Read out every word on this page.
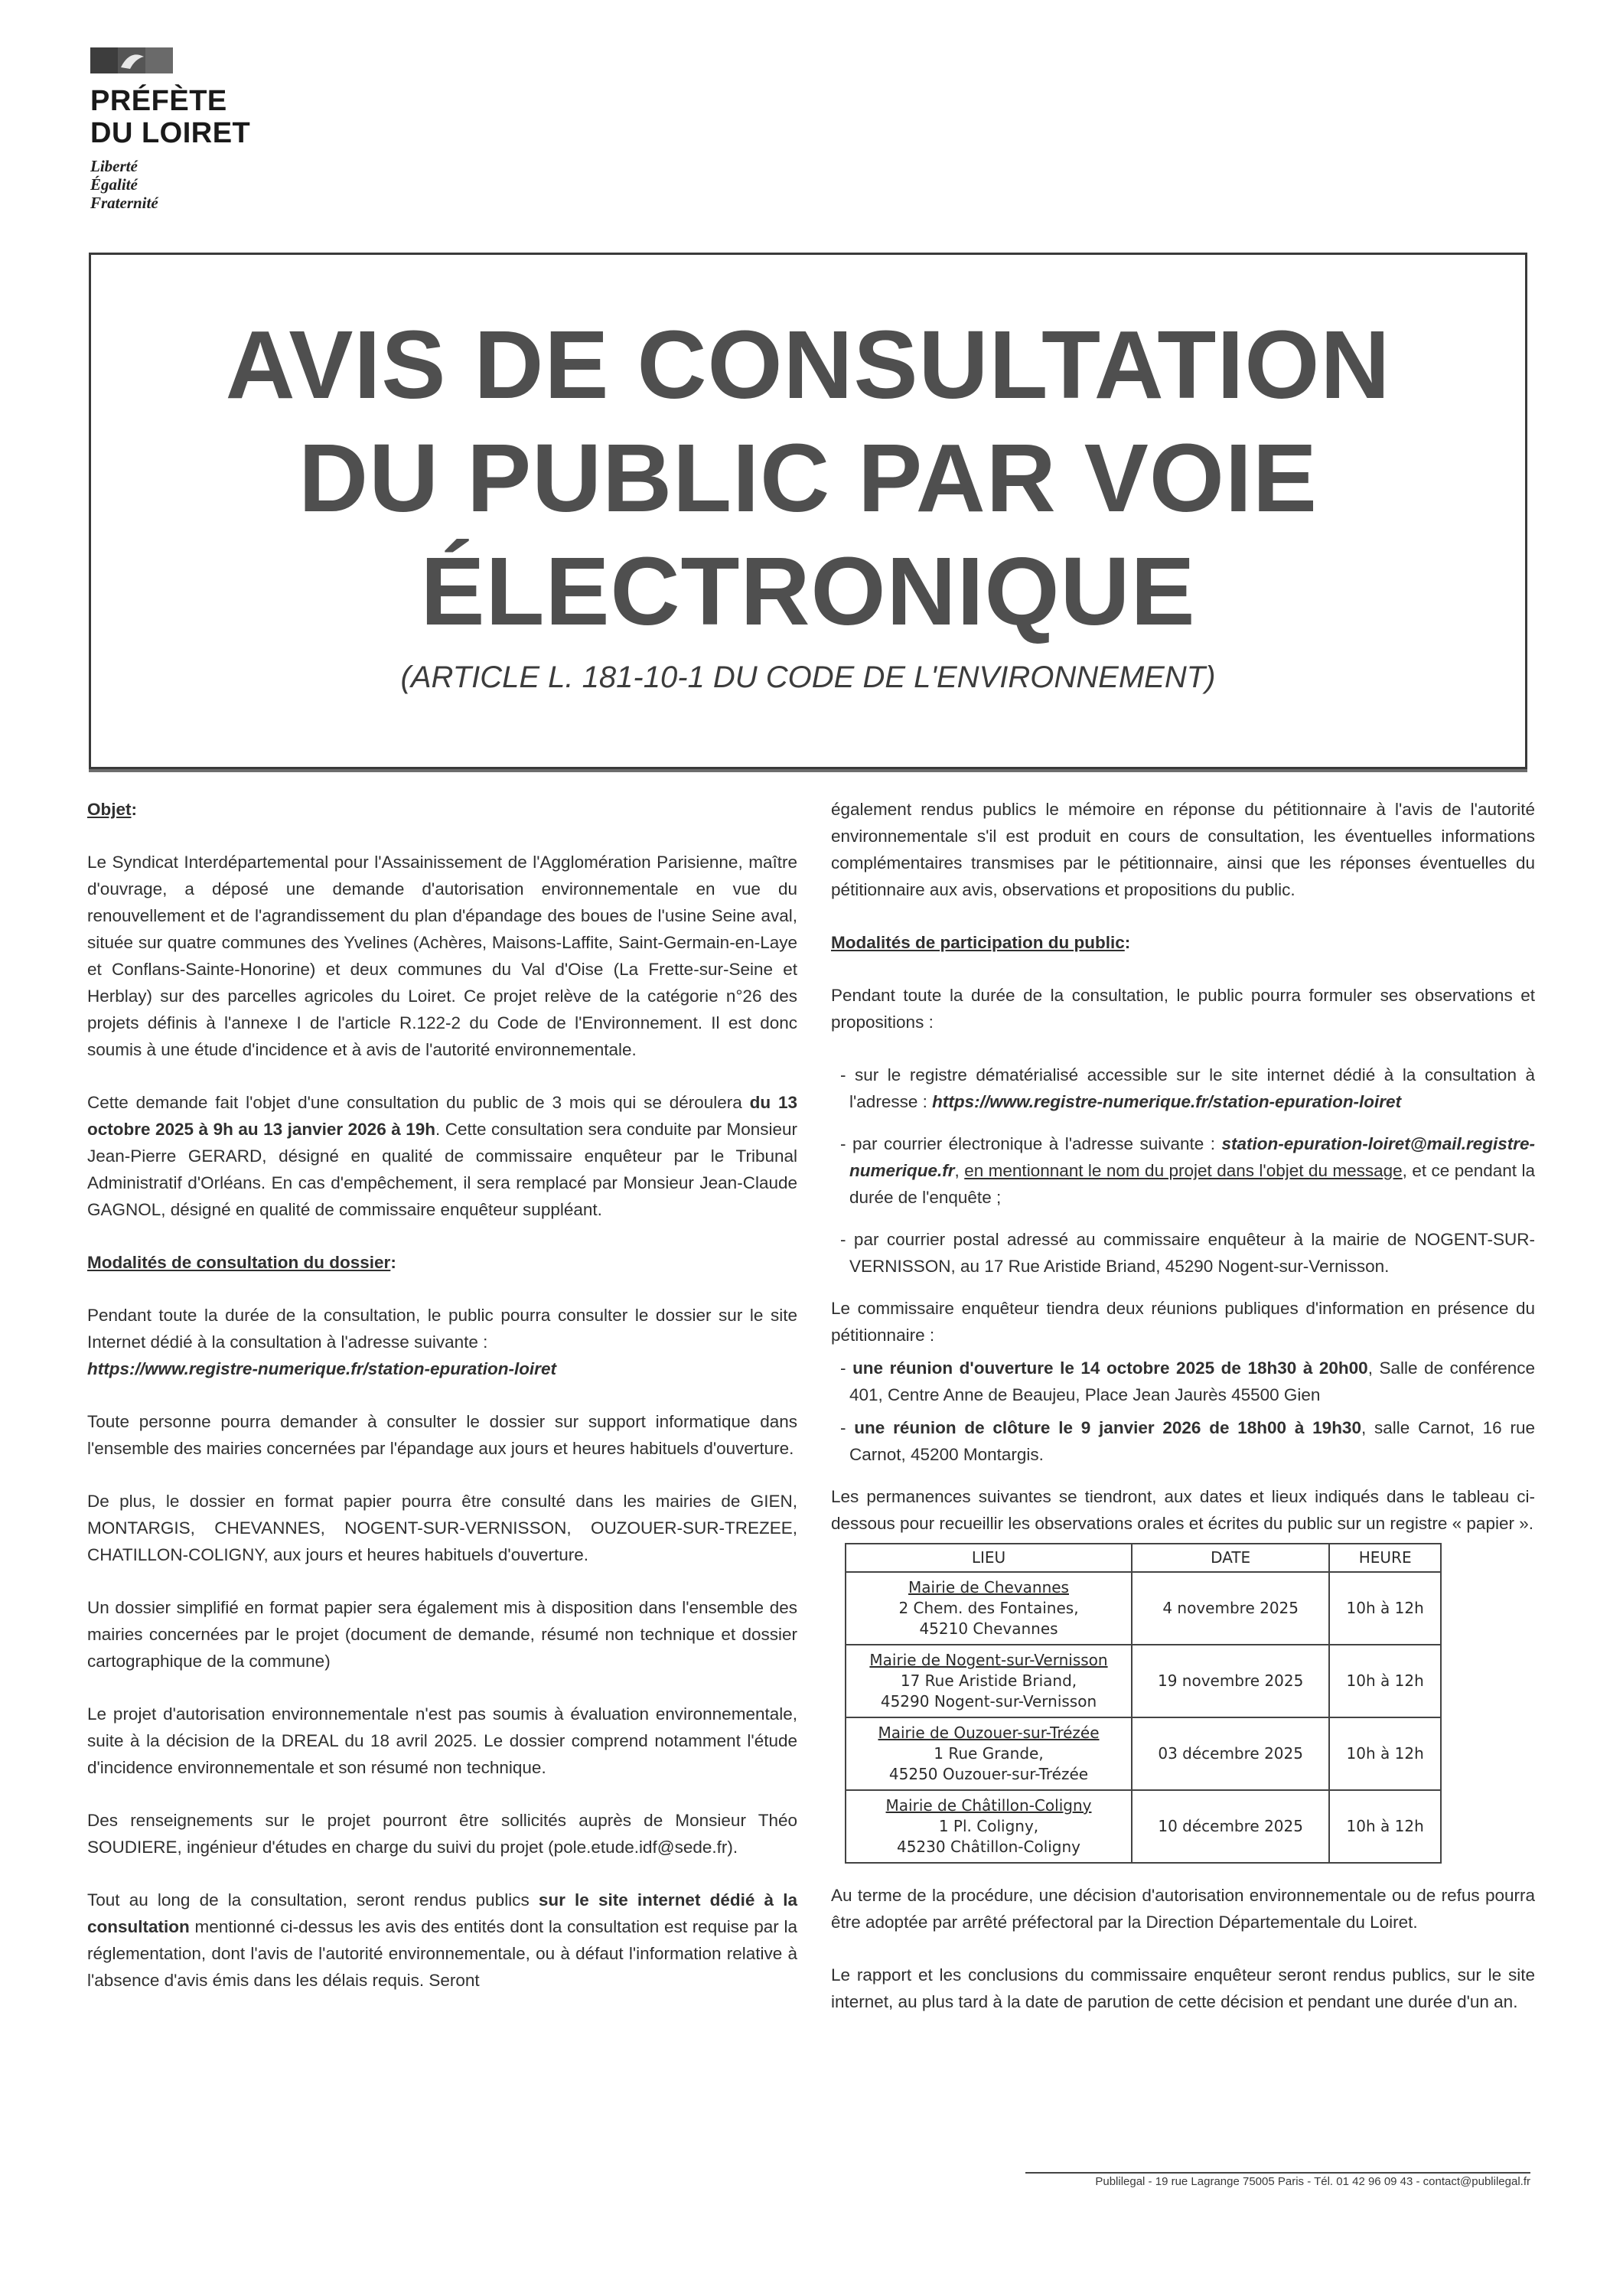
PRÉFÈTE
DU LOIRET
Liberté
Égalité
Fraternité
AVIS DE CONSULTATION
DU PUBLIC PAR VOIE
ÉLECTRONIQUE
(ARTICLE L. 181-10-1 DU CODE DE L'ENVIRONNEMENT)
Objet:

Le Syndicat Interdépartemental pour l'Assainissement de l'Agglomération Parisienne, maître d'ouvrage, a déposé une demande d'autorisation environnementale en vue du renouvellement et de l'agrandissement du plan d'épandage des boues de l'usine Seine aval, située sur quatre communes des Yvelines (Achères, Maisons-Laffite, Saint-Germain-en-Laye et Conflans-Sainte-Honorine) et deux communes du Val d'Oise (La Frette-sur-Seine et Herblay) sur des parcelles agricoles du Loiret. Ce projet relève de la catégorie n°26 des projets définis à l'annexe I de l'article R.122-2 du Code de l'Environnement. Il est donc soumis à une étude d'incidence et à avis de l'autorité environnementale.

Cette demande fait l'objet d'une consultation du public de 3 mois qui se déroulera du 13 octobre 2025 à 9h au 13 janvier 2026 à 19h. Cette consultation sera conduite par Monsieur Jean-Pierre GERARD, désigné en qualité de commissaire enquêteur par le Tribunal Administratif d'Orléans. En cas d'empêchement, il sera remplacé par Monsieur Jean-Claude GAGNOL, désigné en qualité de commissaire enquêteur suppléant.

Modalités de consultation du dossier:

Pendant toute la durée de la consultation, le public pourra consulter le dossier sur le site Internet dédié à la consultation à l'adresse suivante :
https://www.registre-numerique.fr/station-epuration-loiret

Toute personne pourra demander à consulter le dossier sur support informatique dans l'ensemble des mairies concernées par l'épandage aux jours et heures habituels d'ouverture.

De plus, le dossier en format papier pourra être consulté dans les mairies de GIEN, MONTARGIS, CHEVANNES, NOGENT-SUR-VERNISSON, OUZOUER-SUR-TREZEE, CHATILLON-COLIGNY, aux jours et heures habituels d'ouverture.

Un dossier simplifié en format papier sera également mis à disposition dans l'ensemble des mairies concernées par le projet (document de demande, résumé non technique et dossier cartographique de la commune)

Le projet d'autorisation environnementale n'est pas soumis à évaluation environnementale, suite à la décision de la DREAL du 18 avril 2025. Le dossier comprend notamment l'étude d'incidence environnementale et son résumé non technique.

Des renseignements sur le projet pourront être sollicités auprès de Monsieur Théo SOUDIERE, ingénieur d'études en charge du suivi du projet (pole.etude.idf@sede.fr).

Tout au long de la consultation, seront rendus publics sur le site internet dédié à la consultation mentionné ci-dessus les avis des entités dont la consultation est requise par la réglementation, dont l'avis de l'autorité environnementale, ou à défaut l'information relative à l'absence d'avis émis dans les délais requis. Seront

également rendus publics le mémoire en réponse du pétitionnaire à l'avis de l'autorité environnementale s'il est produit en cours de consultation, les éventuelles informations complémentaires transmises par le pétitionnaire, ainsi que les réponses éventuelles du pétitionnaire aux avis, observations et propositions du public.

Modalités de participation du public:

Pendant toute la durée de la consultation, le public pourra formuler ses observations et propositions :

- sur le registre dématérialisé accessible sur le site internet dédié à la consultation à l'adresse : https://www.registre-numerique.fr/station-epuration-loiret

- par courrier électronique à l'adresse suivante : station-epuration-loiret@mail.registre-numerique.fr, en mentionnant le nom du projet dans l'objet du message, et ce pendant la durée de l'enquête ;

- par courrier postal adressé au commissaire enquêteur à la mairie de NOGENT-SUR-VERNISSON, au 17 Rue Aristide Briand, 45290 Nogent-sur-Vernisson.

Le commissaire enquêteur tiendra deux réunions publiques d'information en présence du pétitionnaire :

- une réunion d'ouverture le 14 octobre 2025 de 18h30 à 20h00, Salle de conférence 401, Centre Anne de Beaujeu, Place Jean Jaurès 45500 Gien

- une réunion de clôture le 9 janvier 2026 de 18h00 à 19h30, salle Carnot, 16 rue Carnot, 45200 Montargis.

Les permanences suivantes se tiendront, aux dates et lieux indiqués dans le tableau ci-dessous pour recueillir les observations orales et écrites du public sur un registre « papier ».

LIEU	DATE	HEURE

Mairie de Chevannes
2 Chem. des Fontaines,
45210 Chevannes	4 novembre 2025	10h à 12h

Mairie de Nogent-sur-Vernisson
17 Rue Aristide Briand,
45290 Nogent-sur-Vernisson	19 novembre 2025	10h à 12h

Mairie de Ouzouer-sur-Trézée
1 Rue Grande,
45250 Ouzouer-sur-Trézée	03 décembre 2025	10h à 12h

Mairie de Châtillon-Coligny
1 Pl. Coligny,
45230 Châtillon-Coligny	10 décembre 2025	10h à 12h

Au terme de la procédure, une décision d'autorisation environnementale ou de refus pourra être adoptée par arrêté préfectoral par la Direction Départementale du Loiret.

Le rapport et les conclusions du commissaire enquêteur seront rendus publics, sur le site internet, au plus tard à la date de parution de cette décision et pendant une durée d'un an.

Publilegal - 19 rue Lagrange 75005 Paris - Tél. 01 42 96 09 43 - contact@publilegal.fr
